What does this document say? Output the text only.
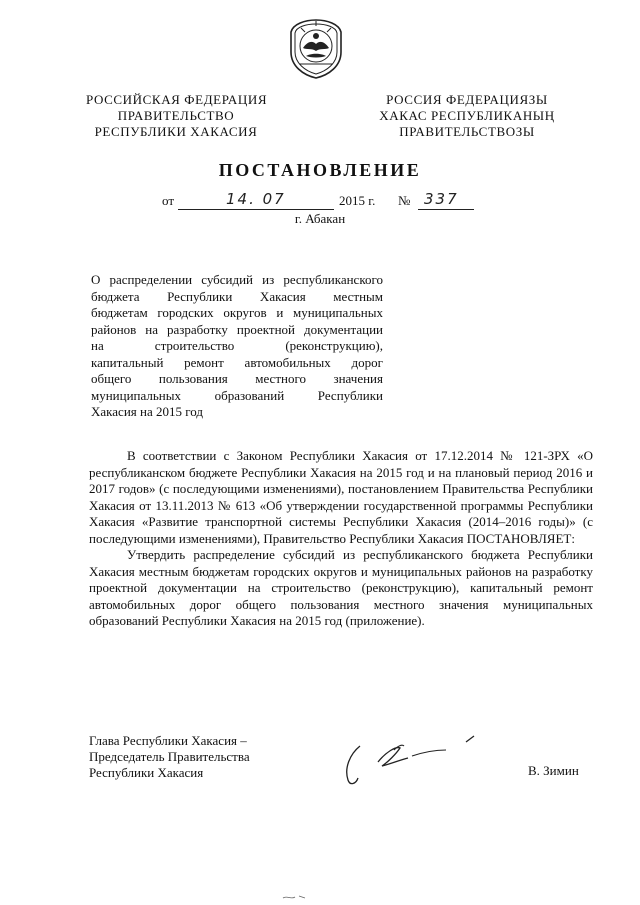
РОССИЙСКАЯ ФЕДЕРАЦИЯ
ПРАВИТЕЛЬСТВО
РЕСПУБЛИКИ ХАКАСИЯ
РОССИЯ ФЕДЕРАЦИЯЗЫ
ХАКАС РЕСПУБЛИКАНЫҢ
ПРАВИТЕЛЬСТВОЗЫ
ПОСТАНОВЛЕНИЕ
от	14. 07	2015 г. № 337
г. Абакан
О распределении субсидий из республиканского
бюджета Республики Хакасия местным
бюджетам городских округов и муниципальных
районов на разработку проектной документации
на строительство (реконструкцию),
капитальный ремонт автомобильных дорог
общего пользования местного значения
муниципальных образований Республики
Хакасия на 2015 год

В соответствии с Законом Республики Хакасия от 17.12.2014 № 121-ЗРХ «О республиканском бюджете Республики Хакасия на 2015 год и на плановый период 2016 и 2017 годов» (с последующими изменениями), постановлением Правительства Республики Хакасия от 13.11.2013 № 613 «Об утверждении государственной программы Республики Хакасия «Развитие транспортной системы Республики Хакасия (2014–2016 годы)» (с последующими изменениями), Правительство Республики Хакасия ПОСТАНОВЛЯЕТ:

Утвердить распределение субсидий из республиканского бюджета Республики Хакасия местным бюджетам городских округов и муниципальных районов на разработку проектной документации на строительство (реконструкцию), капитальный ремонт автомобильных дорог общего пользования местного значения муниципальных образований Республики Хакасия на 2015 год (приложение).

Глава Республики Хакасия –
Председатель Правительства
Республики Хакасия	В. Зимин
